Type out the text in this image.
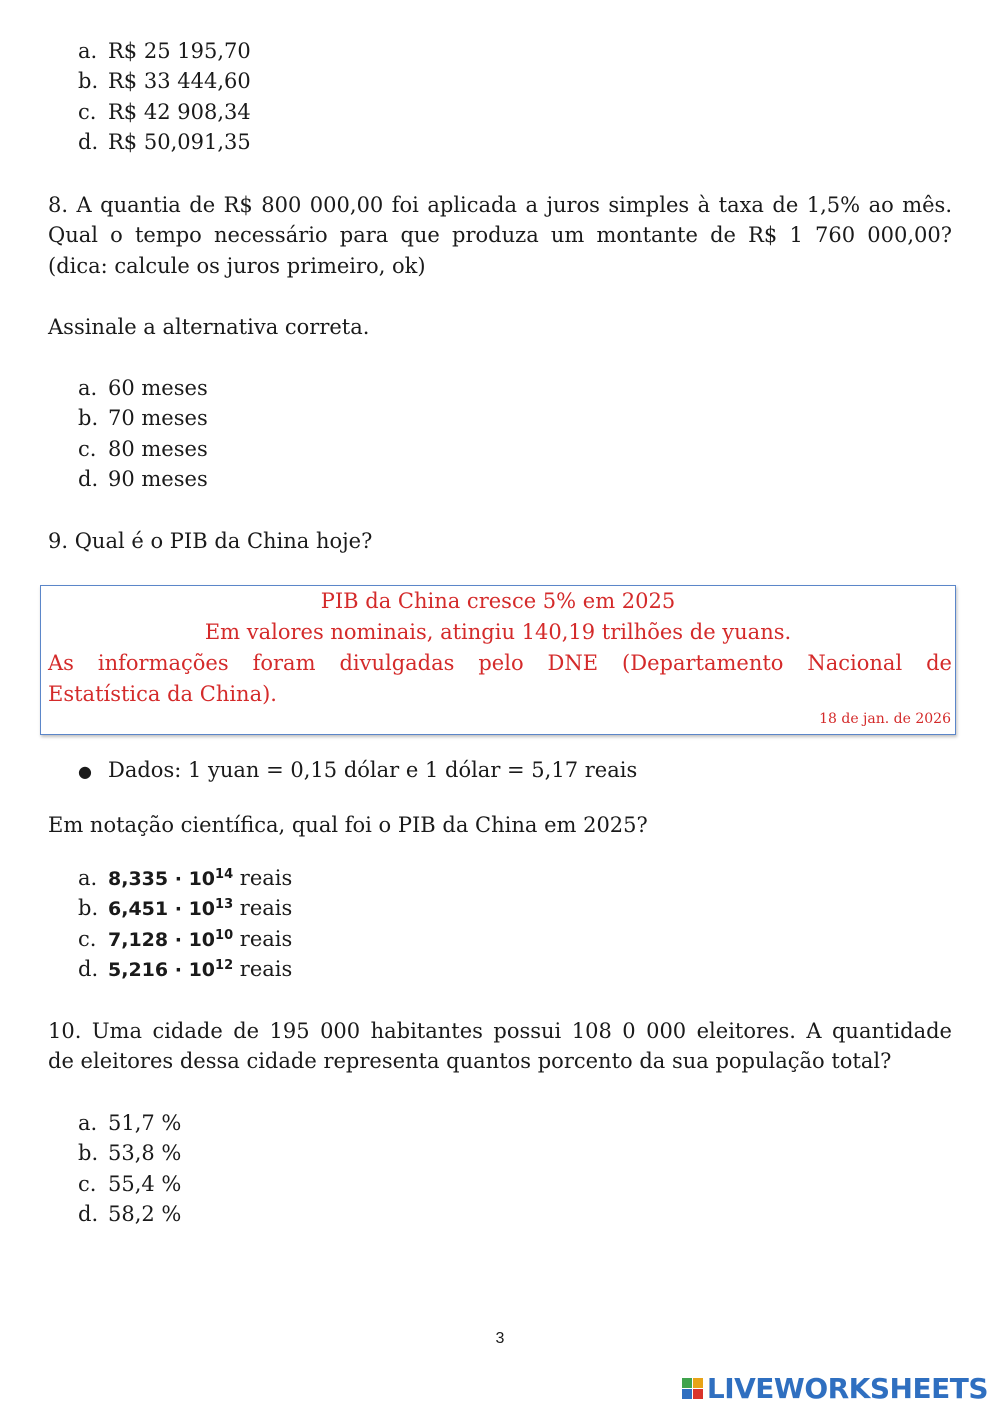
a. R$ 25 195,70
b. R$ 33 444,60
c. R$ 42 908,34
d. R$ 50,091,35
8. A quantia de R$ 800 000,00 foi aplicada a juros simples à taxa de 1,5% ao mês.
Qual o tempo necessário para que produza um montante de R$ 1 760 000,00?
(dica: calcule os juros primeiro, ok)
Assinale a alternativa correta.
a. 60 meses
b. 70 meses
c. 80 meses
d. 90 meses
9. Qual é o PIB da China hoje?
PIB da China cresce 5% em 2025
Em valores nominais, atingiu 140,19 trilhões de yuans.
As informações foram divulgadas pelo DNE (Departamento Nacional de
Estatística da China).
18 de jan. de 2026
● Dados: 1 yuan = 0,15 dólar e 1 dólar = 5,17 reais
Em notação científica, qual foi o PIB da China em 2025?
a. $8,335 \cdot 10^{14}$ reais
b. $6,451 \cdot 10^{13}$ reais
c. $7,128 \cdot 10^{10}$ reais
d. $5,216 \cdot 10^{12}$ reais
10. Uma cidade de 195 000 habitantes possui 108 0 000 eleitores. A quantidade
de eleitores dessa cidade representa quantos porcento da sua população total?
a. 51,7 %
b. 53,8 %
c. 55,4 %
d. 58,2 %
3
LIVEWORKSHEETS
